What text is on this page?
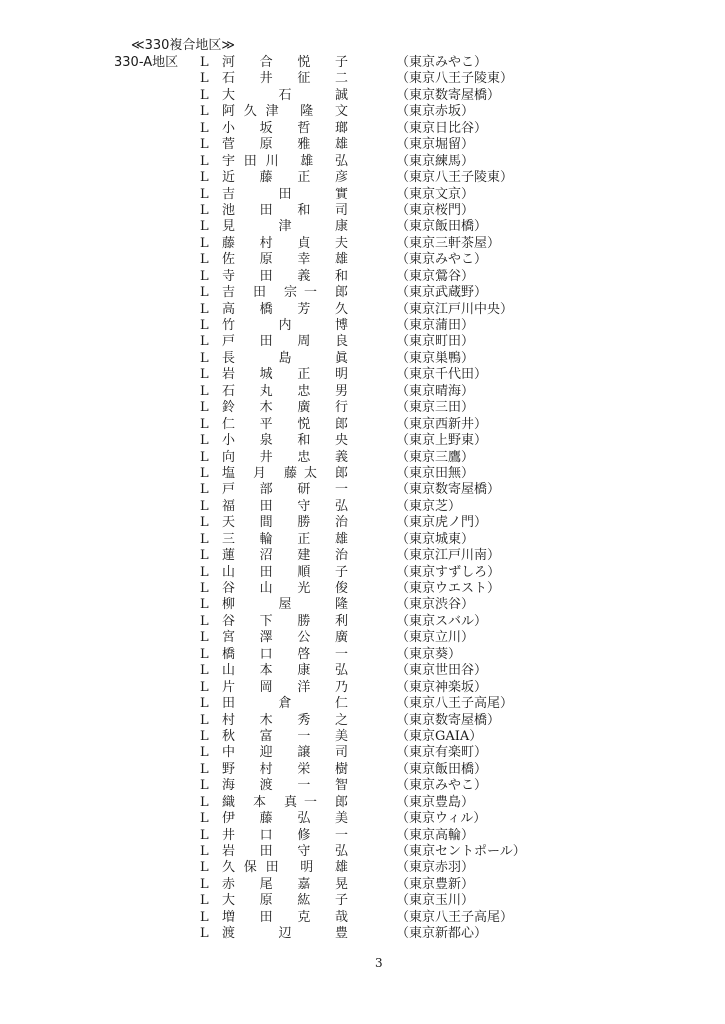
≪330複合地区≫
330-A地区 L 河 合 悦 子	（東京みやこ）
L 石 井 征 二	（東京八王子陵東）
L 大 石 誠	（東京数寄屋橋）
L 阿久津 隆 文	（東京赤坂）
L 小 坂 哲 瑯	（東京日比谷）
L 菅 原 雅 雄	（東京堀留）
L 宇田川 雄 弘	（東京練馬）
L 近 藤 正 彦	（東京八王子陵東）
L 吉 田 實	（東京文京）
L 池 田 和 司	（東京桜門）
L 見 津 康	（東京飯田橋）
L 藤 村 貞 夫	（東京三軒茶屋）
L 佐 原 幸 雄	（東京みやこ）
L 寺 田 義 和	（東京鶯谷）
L 吉 田 宗一 郎	（東京武蔵野）
L 高 橋 芳 久	（東京江戸川中央）
L 竹 内 博	（東京蒲田）
L 戸 田 周 良	（東京町田）
L 長 島 眞	（東京巣鴨）
L 岩 城 正 明	（東京千代田）
L 石 丸 忠 男	（東京晴海）
L 鈴 木 廣 行	（東京三田）
L 仁 平 悦 郎	（東京西新井）
L 小 泉 和 央	（東京上野東）
L 向 井 忠 義	（東京三鷹）
L 塩 月 藤太 郎	（東京田無）
L 戸 部 研 一	（東京数寄屋橋）
L 福 田 守 弘	（東京芝）
L 天 間 勝 治	（東京虎ノ門）
L 三 輪 正 雄	（東京城東）
L 蓮 沼 建 治	（東京江戸川南）
L 山 田 順 子	（東京すずしろ）
L 谷 山 光 俊	（東京ウエスト）
L 柳 屋 隆	（東京渋谷）
L 谷 下 勝 利	（東京スバル）
L 宮 澤 公 廣	（東京立川）
L 橋 口 啓 一	（東京葵）
L 山 本 康 弘	（東京世田谷）
L 片 岡 洋 乃	（東京神楽坂）
L 田 倉 仁	（東京八王子高尾）
L 村 木 秀 之	（東京数寄屋橋）
L 秋 富 一 美	（東京GAIA）
L 中 迎 譲 司	（東京有楽町）
L 野 村 栄 樹	（東京飯田橋）
L 海 渡 一 智	（東京みやこ）
L 織 本 真一 郎	（東京豊島）
L 伊 藤 弘 美	（東京ウィル）
L 井 口 修 一	（東京高輪）
L 岩 田 守 弘	（東京セントポール）
L 久保田 明 雄	（東京赤羽）
L 赤 尾 嘉 晃	（東京豊新）
L 大 原 紘 子	（東京玉川）
L 増 田 克 哉	（東京八王子高尾）
L 渡 辺 豊	（東京新都心）
3
